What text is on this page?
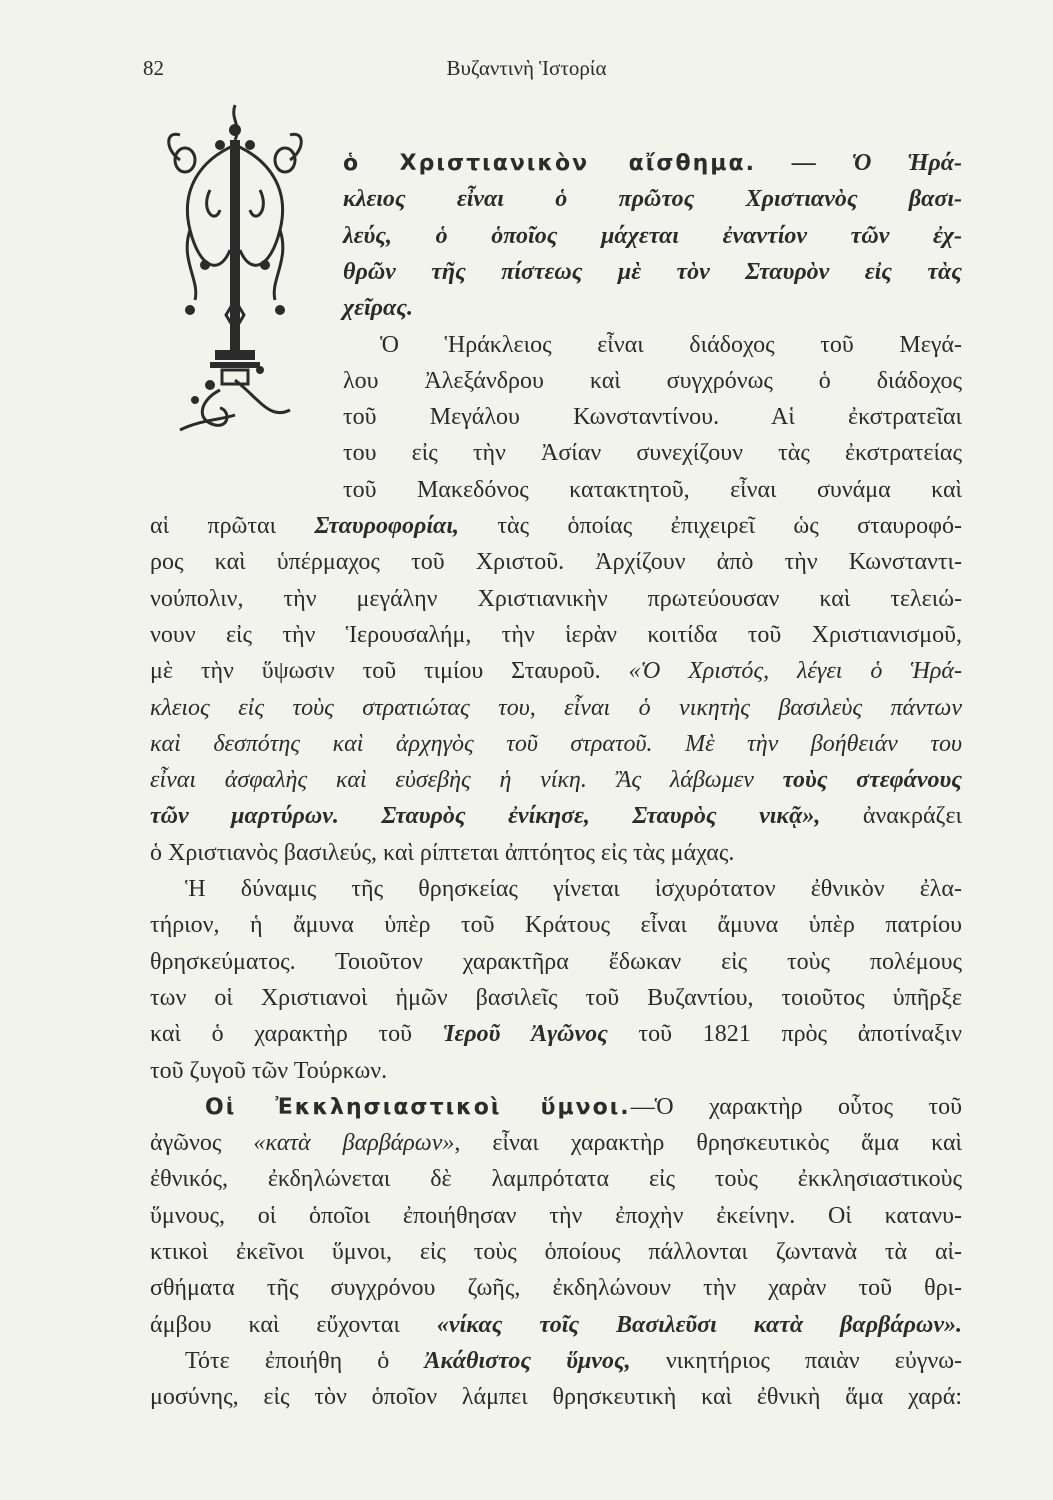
82	Βυζαντινὴ Ἱστορία
ὁ Χριστιανικὸν αἴσθημα. — Ὁ Ἡρά-
κλειος εἶναι ὁ πρῶτος Χριστιανὸς βασι-
λεύς, ὁ ὁποῖος μάχεται ἐναντίον τῶν ἐχ-
θρῶν τῆς πίστεως μὲ τὸν Σταυρὸν εἰς τὰς
χεῖρας.
Ὁ Ἡράκλειος εἶναι διάδοχος τοῦ Μεγά-
λου Ἀλεξάνδρου καὶ συγχρόνως ὁ διάδοχος
τοῦ Μεγάλου Κωνσταντίνου. Αἱ ἐκστρατεῖαι
του εἰς τὴν Ἀσίαν συνεχίζουν τὰς ἐκστρατείας
τοῦ Μακεδόνος κατακτητοῦ, εἶναι συνάμα καὶ
αἱ πρῶται Σταυροφορίαι, τὰς ὁποίας ἐπιχειρεῖ ὡς σταυροφό-
ρος καὶ ὑπέρμαχος τοῦ Χριστοῦ. Ἀρχίζουν ἀπὸ τὴν Κωνσταντι-
νούπολιν, τὴν μεγάλην Χριστιανικὴν πρωτεύουσαν καὶ τελειώ-
νουν εἰς τὴν Ἱερουσαλήμ, τὴν ἱερὰν κοιτίδα τοῦ Χριστιανισμοῦ,
μὲ τὴν ὕψωσιν τοῦ τιμίου Σταυροῦ. «Ὁ Χριστός, λέγει ὁ Ἡρά-
κλειος εἰς τοὺς στρατιώτας του, εἶναι ὁ νικητὴς βασιλεὺς πάντων
καὶ δεσπότης καὶ ἀρχηγὸς τοῦ στρατοῦ. Μὲ τὴν βοήθειάν του
εἶναι ἀσφαλὴς καὶ εὐσεβὴς ἡ νίκη. Ἂς λάβωμεν τοὺς στεφάνους
τῶν μαρτύρων. Σταυρὸς ἐνίκησε, Σταυρὸς νικᾷ», ἀνακράζει
ὁ Χριστιανὸς βασιλεύς, καὶ ρίπτεται ἀπτόητος εἰς τὰς μάχας.
Ἡ δύναμις τῆς θρησκείας γίνεται ἰσχυρότατον ἐθνικὸν ἐλα-
τήριον, ἡ ἄμυνα ὑπὲρ τοῦ Κράτους εἶναι ἄμυνα ὑπὲρ πατρίου
θρησκεύματος. Τοιοῦτον χαρακτῆρα ἔδωκαν εἰς τοὺς πολέμους
των οἱ Χριστιανοὶ ἡμῶν βασιλεῖς τοῦ Βυζαντίου, τοιοῦτος ὑπῆρξε
καὶ ὁ χαρακτὴρ τοῦ Ἱεροῦ Ἀγῶνος τοῦ 1821 πρὸς ἀποτίναξιν
τοῦ ζυγοῦ τῶν Τούρκων.
Οἱ Ἐκκλησιαστικοὶ ὕμνοι.—Ὁ χαρακτὴρ οὗτος τοῦ
ἀγῶνος «κατὰ βαρβάρων», εἶναι χαρακτὴρ θρησκευτικὸς ἅμα καὶ
ἐθνικός, ἐκδηλώνεται δὲ λαμπρότατα εἰς τοὺς ἐκκλησιαστικοὺς
ὕμνους, οἱ ὁποῖοι ἐποιήθησαν τὴν ἐποχὴν ἐκείνην. Οἱ κατανυ-
κτικοὶ ἐκεῖνοι ὕμνοι, εἰς τοὺς ὁποίους πάλλονται ζωντανὰ τὰ αἰ-
σθήματα τῆς συγχρόνου ζωῆς, ἐκδηλώνουν τὴν χαρὰν τοῦ θρι-
άμβου καὶ εὔχονται «νίκας τοῖς Βασιλεῦσι κατὰ βαρβάρων».
Τότε ἐποιήθη ὁ Ἀκάθιστος ὕμνος, νικητήριος παιὰν εὐγνω-
μοσύνης, εἰς τὸν ὁποῖον λάμπει θρησκευτικὴ καὶ ἐθνικὴ ἅμα χαρά:
